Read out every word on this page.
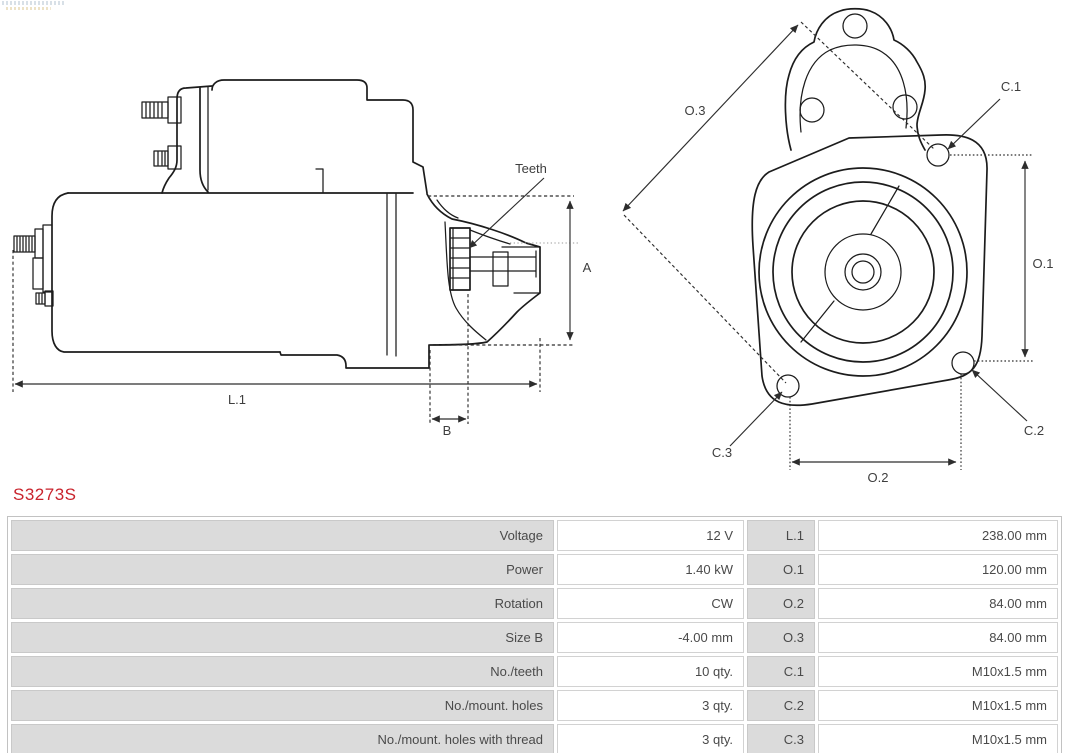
A
L.1
B
Teeth
O.3
C.1
O.1
C.2
C.3
O.2
S3273S
Voltage	12 V	L.1	238.00 mm
Power	1.40 kW	O.1	120.00 mm
Rotation	CW	O.2	84.00 mm
Size B	-4.00 mm	O.3	84.00 mm
No./teeth	10 qty.	C.1	M10x1.5 mm
No./mount. holes	3 qty.	C.2	M10x1.5 mm
No./mount. holes with thread	3 qty.	C.3	M10x1.5 mm
